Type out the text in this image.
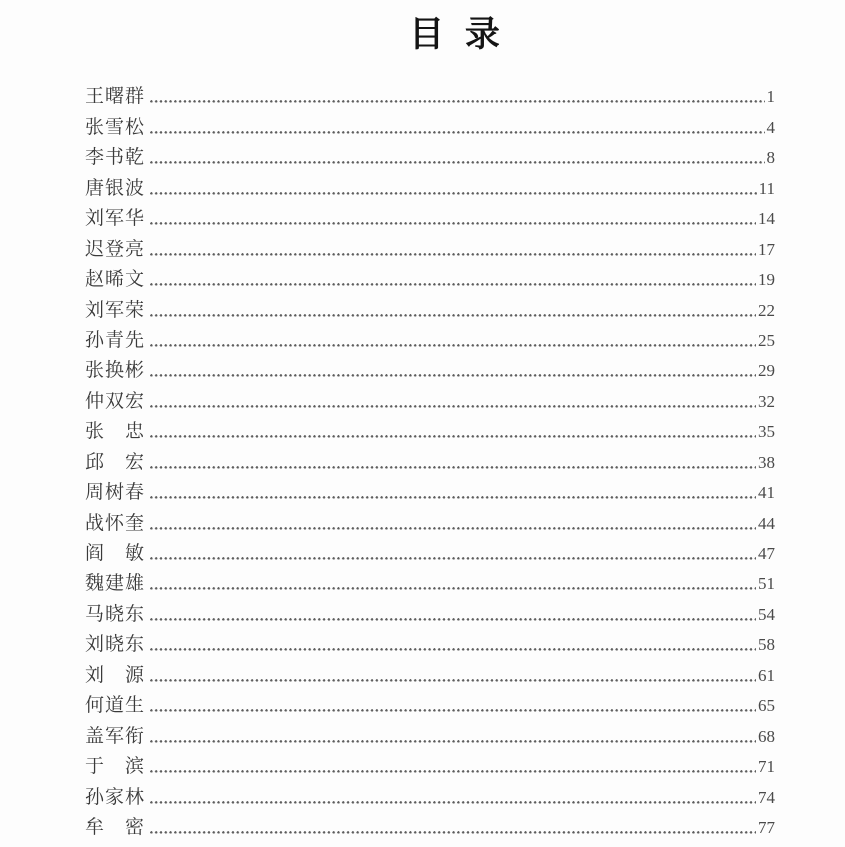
目 录
王曙群	1
张雪松	4
李书乾	8
唐银波	11
刘军华	14
迟登亮	17
赵晞文	19
刘军荣	22
孙青先	25
张换彬	29
仲双宏	32
张　忠	35
邱　宏	38
周树春	41
战怀奎	44
阎　敏	47
魏建雄	51
马晓东	54
刘晓东	58
刘　源	61
何道生	65
盖军衔	68
于　滨	71
孙家林	74
牟　密	77
